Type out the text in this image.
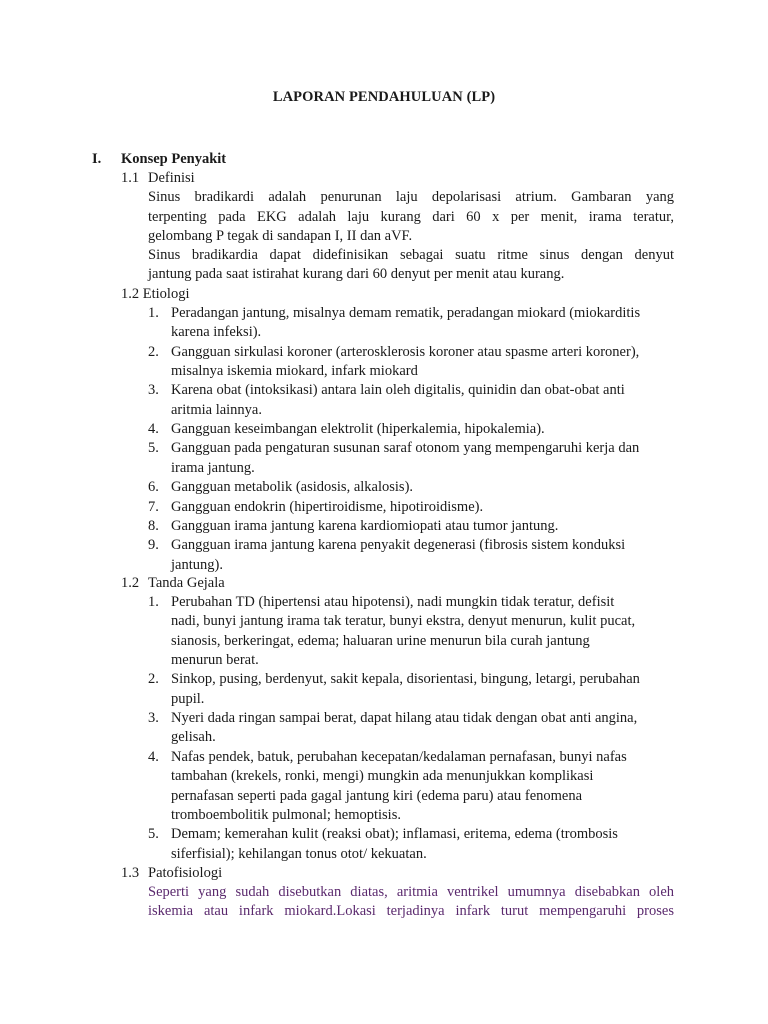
LAPORAN PENDAHULUAN (LP)
I. Konsep Penyakit
1.1 Definisi
Sinus bradikardi adalah penurunan laju depolarisasi atrium. Gambaran yang
terpenting pada EKG adalah laju kurang dari 60 x per menit, irama teratur,
gelombang P tegak di sandapan I, II dan aVF.
Sinus bradikardia dapat didefinisikan sebagai suatu ritme sinus dengan denyut
jantung pada saat istirahat kurang dari 60 denyut per menit atau kurang.
1.2 Etiologi
1. Peradangan jantung, misalnya demam rematik, peradangan miokard (miokarditis
karena infeksi).
2. Gangguan sirkulasi koroner (arterosklerosis koroner atau spasme arteri koroner),
misalnya iskemia miokard, infark miokard
3. Karena obat (intoksikasi) antara lain oleh digitalis, quinidin dan obat-obat anti
aritmia lainnya.
4. Gangguan keseimbangan elektrolit (hiperkalemia, hipokalemia).
5. Gangguan pada pengaturan susunan saraf otonom yang mempengaruhi kerja dan
irama jantung.
6. Gangguan metabolik (asidosis, alkalosis).
7. Gangguan endokrin (hipertiroidisme, hipotiroidisme).
8. Gangguan irama jantung karena kardiomiopati atau tumor jantung.
9. Gangguan irama jantung karena penyakit degenerasi (fibrosis sistem konduksi
jantung).
1.2 Tanda Gejala
1. Perubahan TD (hipertensi atau hipotensi), nadi mungkin tidak teratur, defisit
nadi, bunyi jantung irama tak teratur, bunyi ekstra, denyut menurun, kulit pucat,
sianosis, berkeringat, edema; haluaran urine menurun bila curah jantung
menurun berat.
2. Sinkop, pusing, berdenyut, sakit kepala, disorientasi, bingung, letargi, perubahan
pupil.
3. Nyeri dada ringan sampai berat, dapat hilang atau tidak dengan obat anti angina,
gelisah.
4. Nafas pendek, batuk, perubahan kecepatan/kedalaman pernafasan, bunyi nafas
tambahan (krekels, ronki, mengi) mungkin ada menunjukkan komplikasi
pernafasan seperti pada gagal jantung kiri (edema paru) atau fenomena
tromboembolitik pulmonal; hemoptisis.
5. Demam; kemerahan kulit (reaksi obat); inflamasi, eritema, edema (trombosis
siferfisial); kehilangan tonus otot/ kekuatan.
1.3 Patofisiologi
Seperti yang sudah disebutkan diatas, aritmia ventrikel umumnya disebabkan oleh
iskemia atau infark miokard.Lokasi terjadinya infark turut mempengaruhi proses
